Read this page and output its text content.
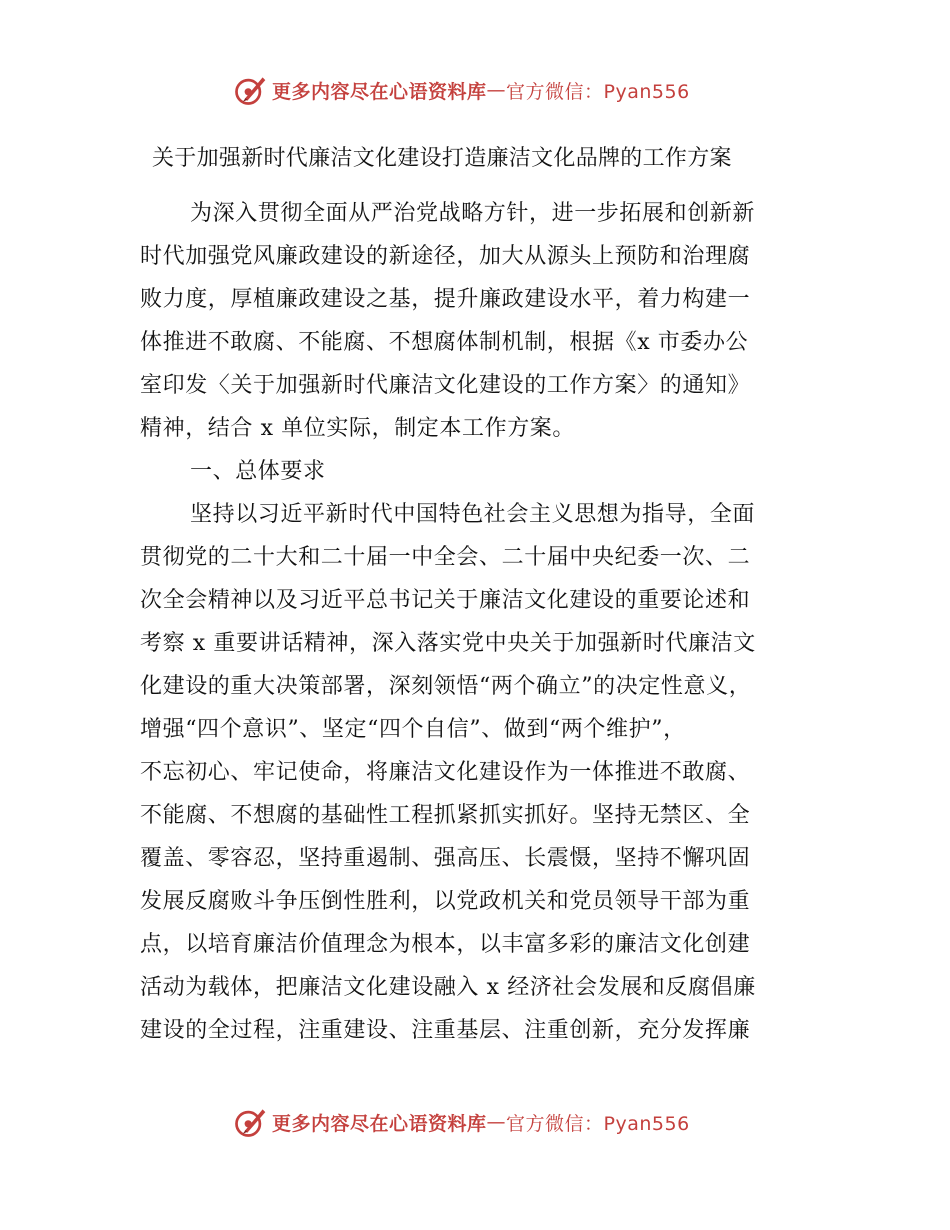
更多内容尽在心语资料库 — 官方微信：Pyan556
关于加强新时代廉洁文化建设打造廉洁文化品牌的工作方案
为深入贯彻全面从严治党战略方针，进一步拓展和创新新
时代加强党风廉政建设的新途径，加大从源头上预防和治理腐
败力度，厚植廉政建设之基，提升廉政建设水平，着力构建一
体推进不敢腐、不能腐、不想腐体制机制，根据《x 市委办公
室印发〈关于加强新时代廉洁文化建设的工作方案〉的通知》
精神，结合 x 单位实际，制定本工作方案。
一、总体要求
坚持以习近平新时代中国特色社会主义思想为指导，全面
贯彻党的二十大和二十届一中全会、二十届中央纪委一次、二
次全会精神以及习近平总书记关于廉洁文化建设的重要论述和
考察 x 重要讲话精神，深入落实党中央关于加强新时代廉洁文
化建设的重大决策部署，深刻领悟“两个确立”的决定性意义，
增强“四个意识”、坚定“四个自信”、做到“两个维护”，
不忘初心、牢记使命，将廉洁文化建设作为一体推进不敢腐、
不能腐、不想腐的基础性工程抓紧抓实抓好。坚持无禁区、全
覆盖、零容忍，坚持重遏制、强高压、长震慑，坚持不懈巩固
发展反腐败斗争压倒性胜利，以党政机关和党员领导干部为重
点，以培育廉洁价值理念为根本，以丰富多彩的廉洁文化创建
活动为载体，把廉洁文化建设融入 x 经济社会发展和反腐倡廉
建设的全过程，注重建设、注重基层、注重创新，充分发挥廉
更多内容尽在心语资料库 — 官方微信：Pyan556
